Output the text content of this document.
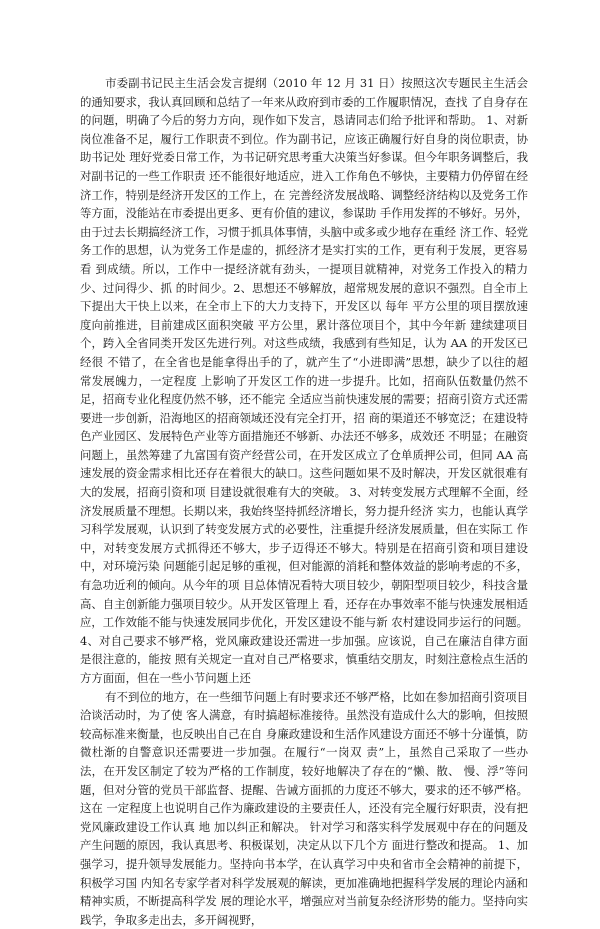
市委副书记民主生活会发言提纲（2010 年 12 月 31 日）按照这次专题民主生活会的通知要求，我认真回顾和总结了一年来从政府到市委的工作履职情况，查找 了自身存在的问题，明确了今后的努力方向，现作如下发言，恳请同志们给予批评和帮助。 1、对新岗位准备不足，履行工作职责不到位。作为副书记，应该正确履行好自身的岗位职责，协助书记处 理好党委日常工作，为书记研究思考重大决策当好参谋。但今年职务调整后，我对副书记的一些工作职责 还不能很好地适应，进入工作角色不够快，主要精力仍停留在经济工作，特别是经济开发区的工作上，在 完善经济发展战略、调整经济结构以及党务工作等方面，没能站在市委提出更多、更有价值的建议，参谋助 手作用发挥的不够好。另外，由于过去长期搞经济工作，习惯于抓具体事情，头脑中或多或少地存在重经 济工作、轻党务工作的思想，认为党务工作是虚的，抓经济才是实打实的工作，更有利于发展，更容易看 到成绩。所以，工作中一提经济就有劲头，一提项目就精神，对党务工作投入的精力少、过问得少、抓 的时间少。2、思想还不够解放，超常规发展的意识不强烈。自全市上下提出大干快上以来，在全市上下的大力支持下，开发区以 每年 平方公里的项目摆放速度向前推进，目前建成区面积突破 平方公里，累计落位项目个，其中今年新 建续建项目 个，跨入全省同类开发区先进行列。对这些成绩，我感到有些知足，认为 AA 的开发区已经很 不错了，在全省也是能拿得出手的了，就产生了“小进即满”思想，缺少了以往的超常发展魄力，一定程度 上影响了开发区工作的进一步提升。比如，招商队伍数量仍然不足，招商专业化程度仍然不够，还不能完 全适应当前快速发展的需要；招商引资方式还需要进一步创新，沿海地区的招商领域还没有完全打开，招 商的渠道还不够宽泛；在建设特色产业园区、发展特色产业等方面措施还不够新、办法还不够多，成效还 不明显；在融资问题上，虽然筹建了九富国有资产经营公司，在开发区成立了仓单质押公司，但同 AA 高 速发展的资金需求相比还存在着很大的缺口。这些问题如果不及时解决，开发区就很难有大的发展，招商引资和项 目建设就很难有大的突破。 3、对转变发展方式理解不全面，经济发展质量不理想。长期以来，我始终坚持抓经济增长，努力提升经济 实力，也能认真学习科学发展观，认识到了转变发展方式的必要性，注重提升经济发展质量，但在实际工 作中，对转变发展方式抓得还不够大，步子迈得还不够大。特别是在招商引资和项目建设中，对环境污染 问题能引起足够的重视，但对能源的消耗和整体效益的影响考虑的不多，有急功近利的倾向。从今年的项 目总体情况看特大项目较少，朝阳型项目较少，科技含量高、自主创新能力强项目较少。从开发区管理上 看，还存在办事效率不能与快速发展相适应，工作效能不能与快速发展同步优化，开发区建设不能与新 农村建设同步运行的问题。 4、对自己要求不够严格，党风廉政建设还需进一步加强。应该说，自己在廉洁自律方面是很注意的，能按 照有关规定一直对自己严格要求，慎重结交朋友，时刻注意检点生活的方方面面，但在一些小节问题上还

有不到位的地方，在一些细节问题上有时要求还不够严格，比如在参加招商引资项目洽谈活动时，为了使 客人满意，有时搞超标准接待。虽然没有造成什么大的影响，但按照较高标准来衡量，也反映出自己在自 身廉政建设和生活作风建设方面还不够十分谨慎，防微杜渐的自警意识还需要进一步加强。在履行“一岗双 责”上，虽然自己采取了一些办法，在开发区制定了较为严格的工作制度，较好地解决了存在的“懒、散、 慢、浮”等问题，但对分管的党员干部监督、提醒、告诫方面抓的力度还不够大，要求的还不够严格。这在 一定程度上也说明自己作为廉政建设的主要责任人，还没有完全履行好职责，没有把党风廉政建设工作认真 地 加以纠正和解决。 针对学习和落实科学发展观中存在的问题及产生问题的原因，我认真思考、积极谋划，决定从以下几个方 面进行整改和提高。 1、加强学习，提升领导发展能力。坚持向书本学，在认真学习中央和省市全会精神的前提下，积极学习国 内知名专家学者对科学发展观的解读，更加准确地把握科学发展的理论内涵和精神实质，不断提高科学发 展的理论水平，增强应对当前复杂经济形势的能力。坚持向实践学，争取多走出去，多开阔视野，
